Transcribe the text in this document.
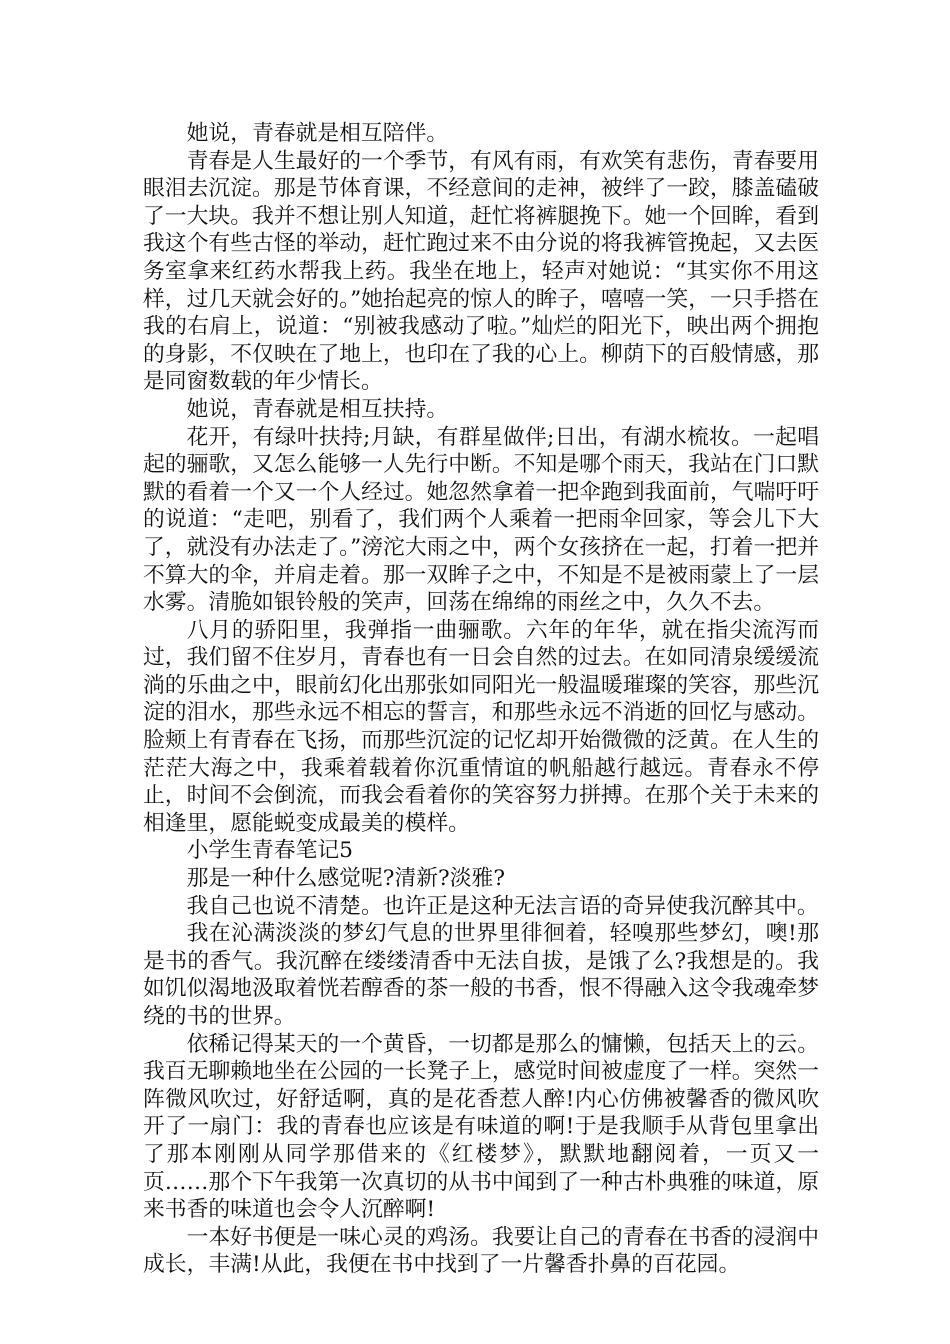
她说，青春就是相互陪伴。

青春是人生最好的一个季节，有风有雨，有欢笑有悲伤，青春要用眼泪去沉淀。那是节体育课，不经意间的走神，被绊了一跤，膝盖磕破了一大块。我并不想让别人知道，赶忙将裤腿挽下。她一个回眸，看到我这个有些古怪的举动，赶忙跑过来不由分说的将我裤管挽起，又去医务室拿来红药水帮我上药。我坐在地上，轻声对她说：“其实你不用这样，过几天就会好的。”她抬起亮的惊人的眸子，嘻嘻一笑，一只手搭在我的右肩上，说道：“别被我感动了啦。”灿烂的阳光下，映出两个拥抱的身影，不仅映在了地上，也印在了我的心上。柳荫下的百般情感，那是同窗数载的年少情长。

她说，青春就是相互扶持。

花开，有绿叶扶持;月缺，有群星做伴;日出，有湖水梳妆。一起唱起的骊歌，又怎么能够一人先行中断。不知是哪个雨天，我站在门口默默的看着一个又一个人经过。她忽然拿着一把伞跑到我面前，气喘吁吁的说道：“走吧，别看了，我们两个人乘着一把雨伞回家，等会儿下大了，就没有办法走了。”滂沱大雨之中，两个女孩挤在一起，打着一把并不算大的伞，并肩走着。那一双眸子之中，不知是不是被雨蒙上了一层水雾。清脆如银铃般的笑声，回荡在绵绵的雨丝之中，久久不去。

八月的骄阳里，我弹指一曲骊歌。六年的年华，就在指尖流泻而过，我们留不住岁月，青春也有一日会自然的过去。在如同清泉缓缓流淌的乐曲之中，眼前幻化出那张如同阳光一般温暖璀璨的笑容，那些沉淀的泪水，那些永远不相忘的誓言，和那些永远不消逝的回忆与感动。脸颊上有青春在飞扬，而那些沉淀的记忆却开始微微的泛黄。在人生的茫茫大海之中，我乘着载着你沉重情谊的帆船越行越远。青春永不停止，时间不会倒流，而我会看着你的笑容努力拼搏。在那个关于未来的相逢里，愿能蜕变成最美的模样。

小学生青春笔记5

那是一种什么感觉呢?清新?淡雅?

我自己也说不清楚。也许正是这种无法言语的奇异使我沉醉其中。

我在沁满淡淡的梦幻气息的世界里徘徊着，轻嗅那些梦幻，噢!那是书的香气。我沉醉在缕缕清香中无法自拔，是饿了么?我想是的。我如饥似渴地汲取着恍若醇香的茶一般的书香，恨不得融入这令我魂牵梦绕的书的世界。

依稀记得某天的一个黄昏，一切都是那么的慵懒，包括天上的云。我百无聊赖地坐在公园的一长凳子上，感觉时间被虚度了一样。突然一阵微风吹过，好舒适啊，真的是花香惹人醉!内心仿佛被馨香的微风吹开了一扇门：我的青春也应该是有味道的啊!于是我顺手从背包里拿出了那本刚刚从同学那借来的《红楼梦》，默默地翻阅着，一页又一页……那个下午我第一次真切的从书中闻到了一种古朴典雅的味道，原来书香的味道也会令人沉醉啊!

一本好书便是一味心灵的鸡汤。我要让自己的青春在书香的浸润中成长，丰满!从此，我便在书中找到了一片馨香扑鼻的百花园。
